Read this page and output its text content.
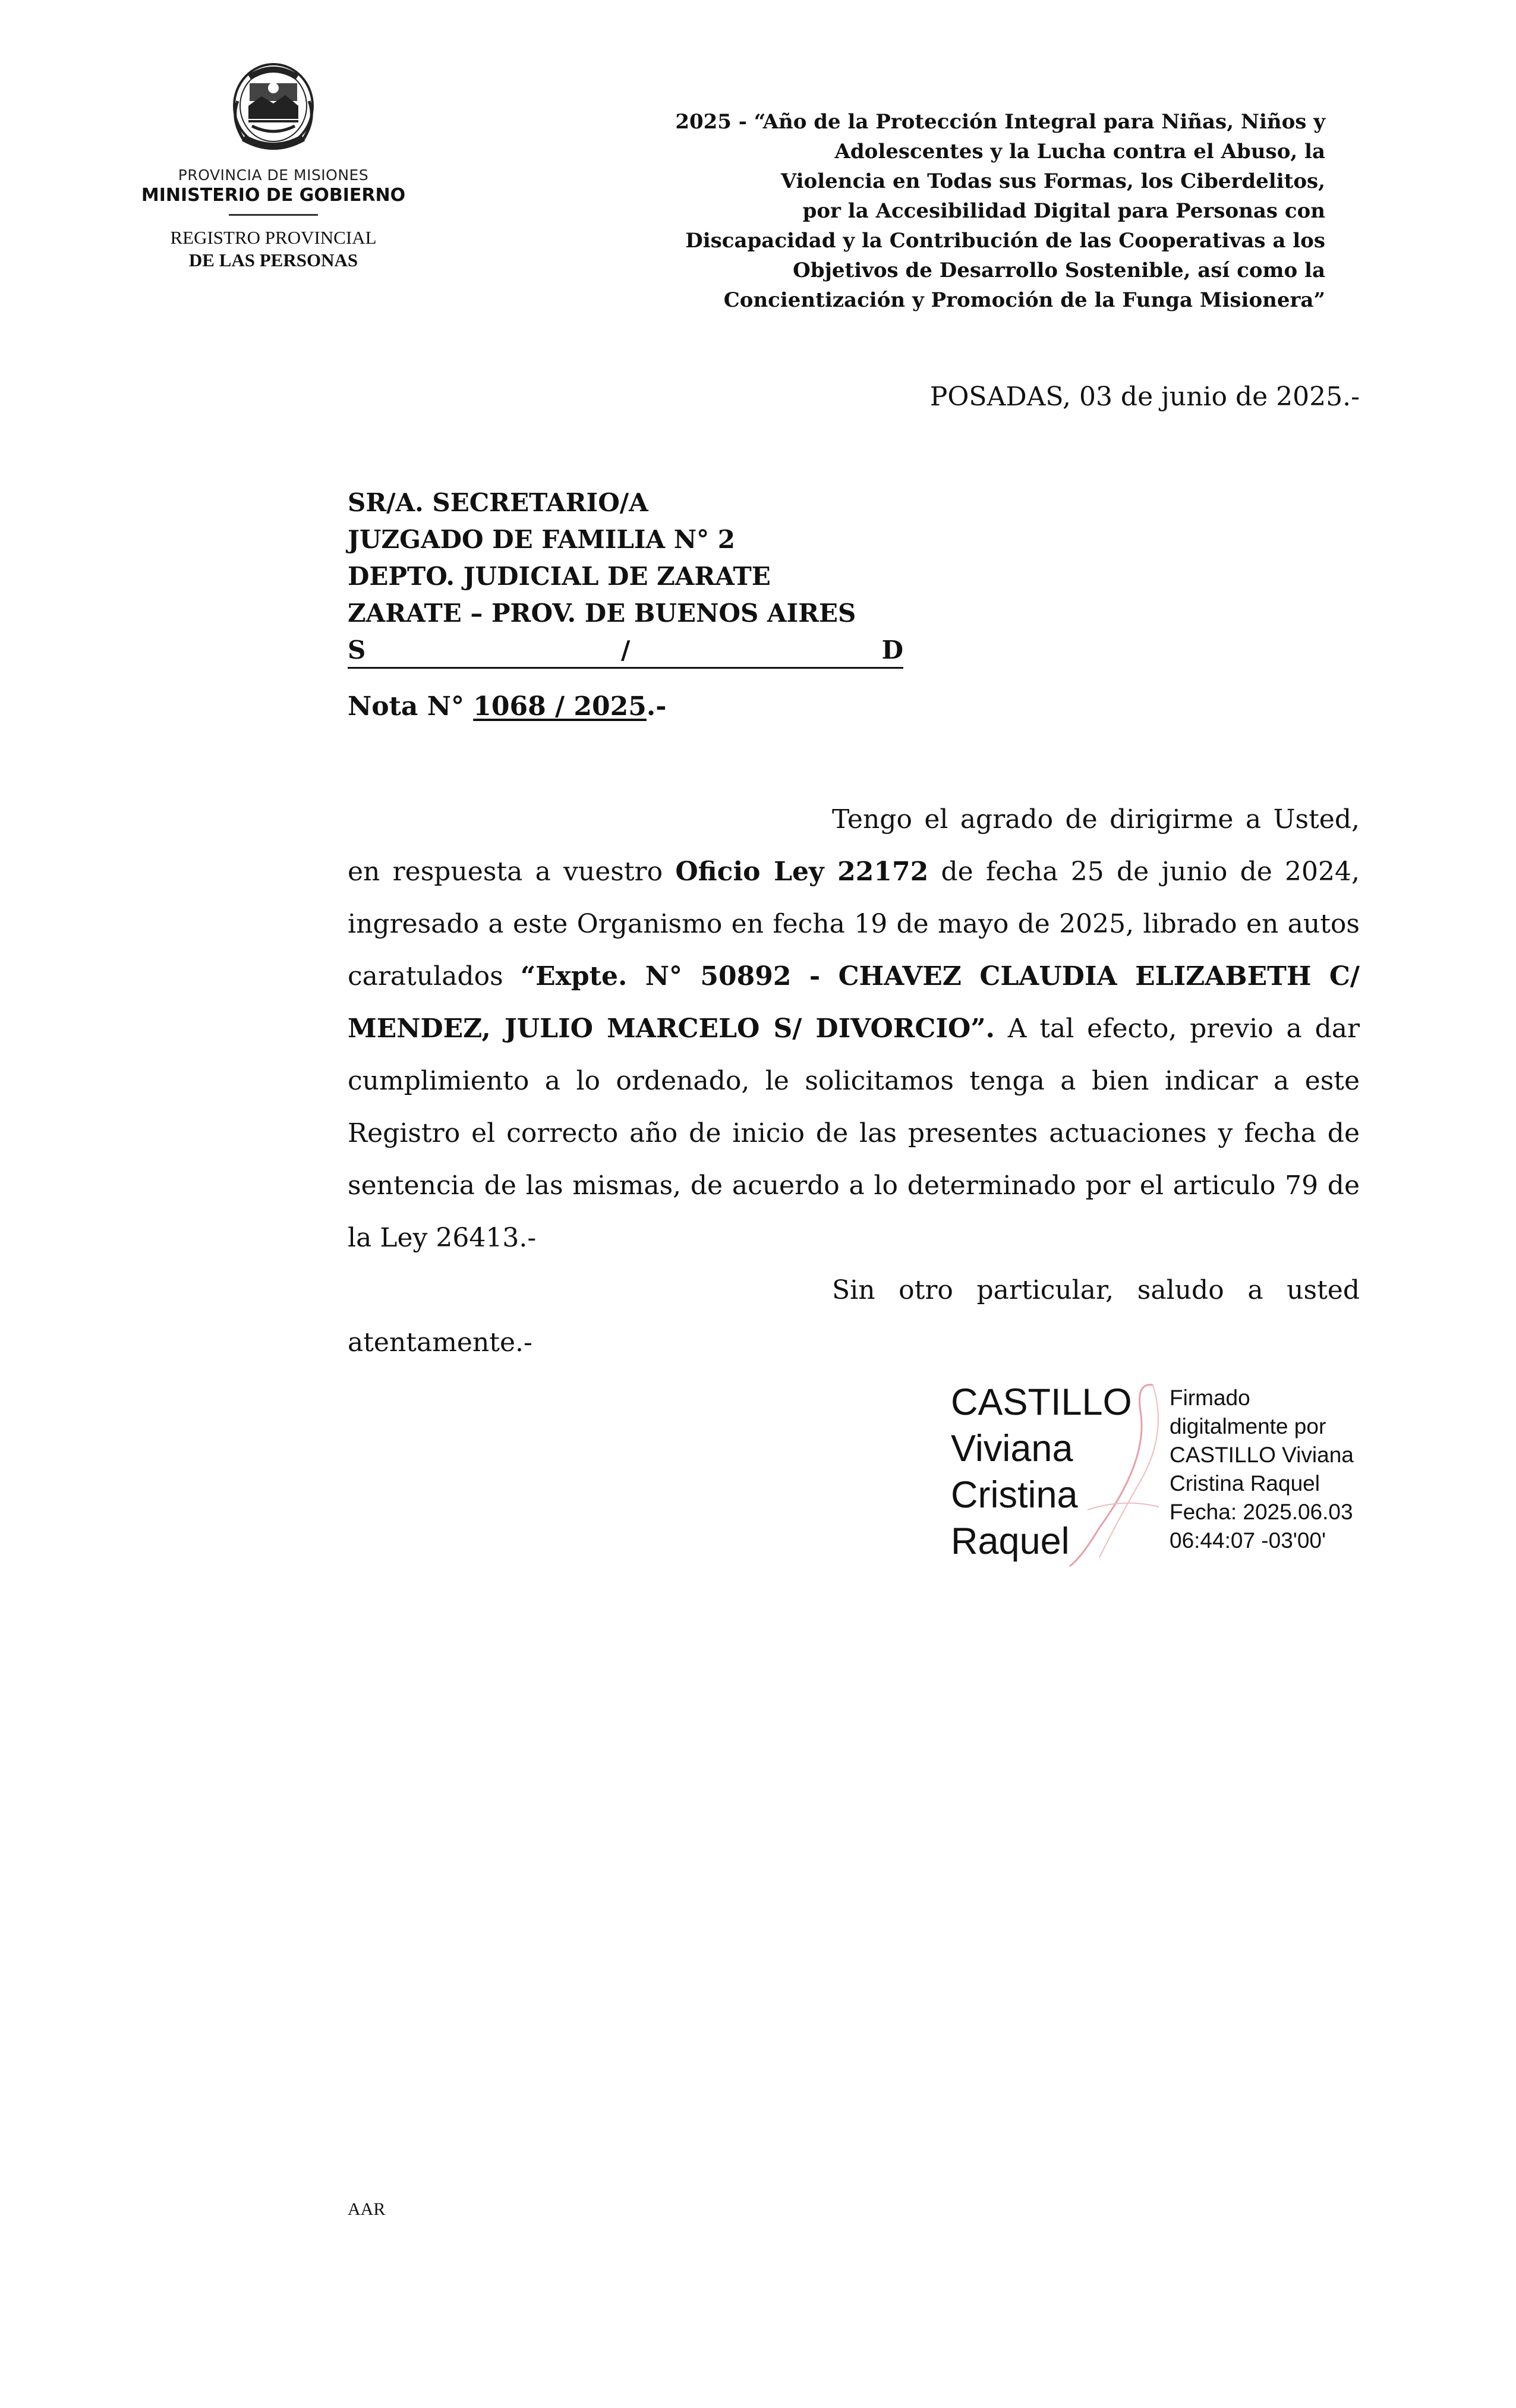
PROVINCIA DE MISIONES
MINISTERIO DE GOBIERNO
REGISTRO PROVINCIAL
DE LAS PERSONAS
2025 - “Año de la Protección Integral para Niñas, Niños y
Adolescentes y la Lucha contra el Abuso, la
Violencia en Todas sus Formas, los Ciberdelitos,
por la Accesibilidad Digital para Personas con
Discapacidad y la Contribución de las Cooperativas a los
Objetivos de Desarrollo Sostenible, así como la
Concientización y Promoción de la Funga Misionera”
POSADAS, 03 de junio de 2025.-
SR/A. SECRETARIO/A
JUZGADO DE FAMILIA N° 2
DEPTO. JUDICIAL DE ZARATE
ZARATE – PROV. DE BUENOS AIRES
S	/	D
Nota N° 1068 / 2025.-

Tengo el agrado de dirigirme a Usted, en respuesta a vuestro Oficio Ley 22172 de fecha 25 de junio de 2024, ingresado a este Organismo en fecha 19 de mayo de 2025, librado en autos caratulados “Expte. N° 50892 - CHAVEZ CLAUDIA ELIZABETH C/ MENDEZ, JULIO MARCELO S/ DIVORCIO”. A tal efecto, previo a dar cumplimiento a lo ordenado, le solicitamos tenga a bien indicar a este Registro el correcto año de inicio de las presentes actuaciones y fecha de sentencia de las mismas, de acuerdo a lo determinado por el articulo 79 de la Ley 26413.-

Sin otro particular, saludo a usted atentamente.-

CASTILLO
Viviana
Cristina
Raquel
Firmado
digitalmente por
CASTILLO Viviana
Cristina Raquel
Fecha: 2025.06.03
06:44:07 -03'00'
AAR
